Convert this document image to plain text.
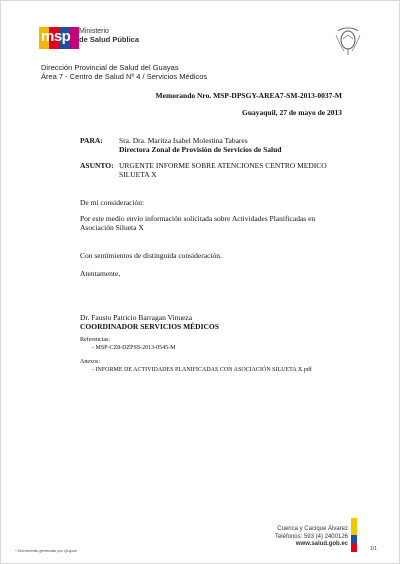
msp Ministerio
de Salud Pública
Dirección Provincial de Salud del Guayas
Área 7 - Centro de Salud Nº 4 / Servicios Médicos
Memorando Nro. MSP-DPSGY-AREA7-SM-2013-0037-M
Guayaquil, 27 de mayo de 2013
PARA: Sra. Dra. Maritza Isabel Molestina Tabares
Directora Zonal de Provisión de Servicios de Salud
ASUNTO: URGENTE INFORME SOBRE ATENCIONES CENTRO MEDICO
SILUETA X
De mi consideración:
Por este medio envío información solicitada sobre Actividades Planificadas en
Asociación Silueta X
Con sentimientos de distinguida consideración.
Atentamente,
Dr. Fausto Patricio Barragan Vinueza
COORDINADOR SERVICIOS MÉDICOS
Referencias:
- MSP-CZ8-DZPSS-2013-0545-M
Anexos:
- INFORME DE ACTIVIDADES PLANIFICADAS CON ASOCIACIÓN SILUETA X.pdf
Cuenca y Cacique Álvarez
Teléfonos: 593 (4) 2400126
www.salud.gob.ec
* Documento generado por Quipux	1/1
